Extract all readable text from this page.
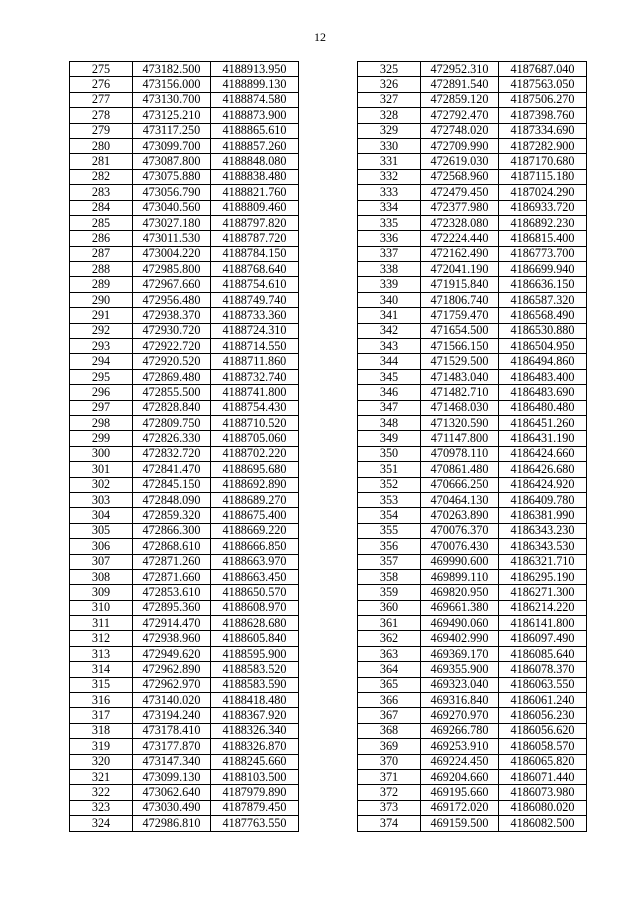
12
275	473182.500	4188913.950
276	473156.000	4188899.130
277	473130.700	4188874.580
278	473125.210	4188873.900
279	473117.250	4188865.610
280	473099.700	4188857.260
281	473087.800	4188848.080
282	473075.880	4188838.480
283	473056.790	4188821.760
284	473040.560	4188809.460
285	473027.180	4188797.820
286	473011.530	4188787.720
287	473004.220	4188784.150
288	472985.800	4188768.640
289	472967.660	4188754.610
290	472956.480	4188749.740
291	472938.370	4188733.360
292	472930.720	4188724.310
293	472922.720	4188714.550
294	472920.520	4188711.860
295	472869.480	4188732.740
296	472855.500	4188741.800
297	472828.840	4188754.430
298	472809.750	4188710.520
299	472826.330	4188705.060
300	472832.720	4188702.220
301	472841.470	4188695.680
302	472845.150	4188692.890
303	472848.090	4188689.270
304	472859.320	4188675.400
305	472866.300	4188669.220
306	472868.610	4188666.850
307	472871.260	4188663.970
308	472871.660	4188663.450
309	472853.610	4188650.570
310	472895.360	4188608.970
311	472914.470	4188628.680
312	472938.960	4188605.840
313	472949.620	4188595.900
314	472962.890	4188583.520
315	472962.970	4188583.590
316	473140.020	4188418.480
317	473194.240	4188367.920
318	473178.410	4188326.340
319	473177.870	4188326.870
320	473147.340	4188245.660
321	473099.130	4188103.500
322	473062.640	4187979.890
323	473030.490	4187879.450
324	472986.810	4187763.550
325	472952.310	4187687.040
326	472891.540	4187563.050
327	472859.120	4187506.270
328	472792.470	4187398.760
329	472748.020	4187334.690
330	472709.990	4187282.900
331	472619.030	4187170.680
332	472568.960	4187115.180
333	472479.450	4187024.290
334	472377.980	4186933.720
335	472328.080	4186892.230
336	472224.440	4186815.400
337	472162.490	4186773.700
338	472041.190	4186699.940
339	471915.840	4186636.150
340	471806.740	4186587.320
341	471759.470	4186568.490
342	471654.500	4186530.880
343	471566.150	4186504.950
344	471529.500	4186494.860
345	471483.040	4186483.400
346	471482.710	4186483.690
347	471468.030	4186480.480
348	471320.590	4186451.260
349	471147.800	4186431.190
350	470978.110	4186424.660
351	470861.480	4186426.680
352	470666.250	4186424.920
353	470464.130	4186409.780
354	470263.890	4186381.990
355	470076.370	4186343.230
356	470076.430	4186343.530
357	469990.600	4186321.710
358	469899.110	4186295.190
359	469820.950	4186271.300
360	469661.380	4186214.220
361	469490.060	4186141.800
362	469402.990	4186097.490
363	469369.170	4186085.640
364	469355.900	4186078.370
365	469323.040	4186063.550
366	469316.840	4186061.240
367	469270.970	4186056.230
368	469266.780	4186056.620
369	469253.910	4186058.570
370	469224.450	4186065.820
371	469204.660	4186071.440
372	469195.660	4186073.980
373	469172.020	4186080.020
374	469159.500	4186082.500
